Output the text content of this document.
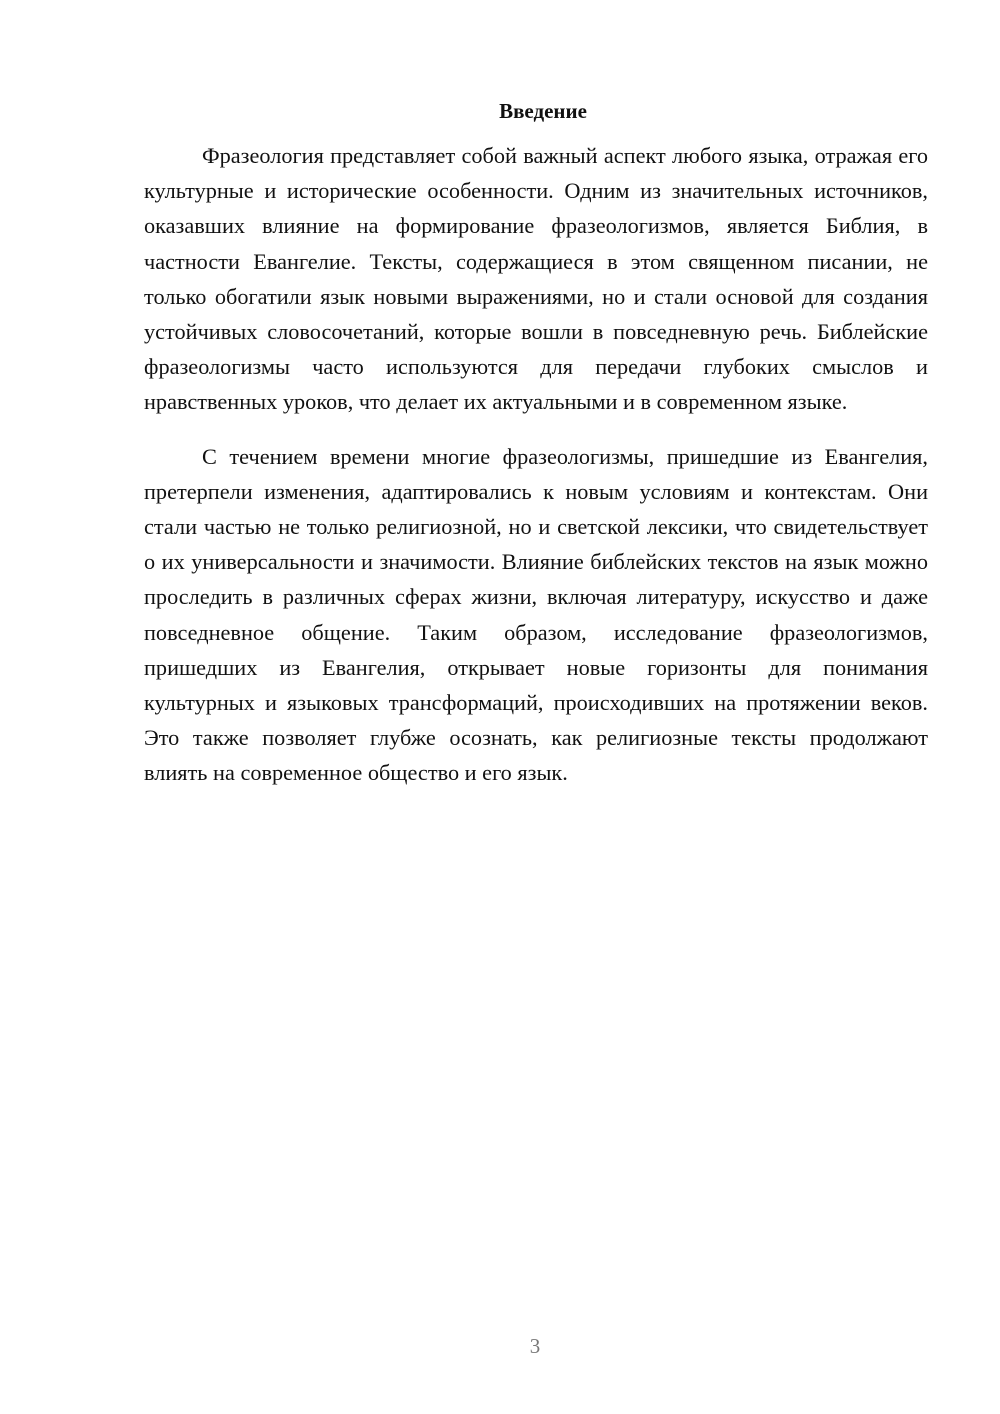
Введение

Фразеология представляет собой важный аспект любого языка, отражая его культурные и исторические особенности. Одним из значительных источников, оказавших влияние на формирование фразеологизмов, является Библия, в частности Евангелие. Тексты, содержащиеся в этом священном писании, не только обогатили язык новыми выражениями, но и стали основой для создания устойчивых словосочетаний, которые вошли в повседневную речь. Библейские фразеологизмы часто используются для передачи глубоких смыслов и нравственных уроков, что делает их актуальными и в современном языке.

С течением времени многие фразеологизмы, пришедшие из Евангелия, претерпели изменения, адаптировались к новым условиям и контекстам. Они стали частью не только религиозной, но и светской лексики, что свидетельствует о их универсальности и значимости. Влияние библейских текстов на язык можно проследить в различных сферах жизни, включая литературу, искусство и даже повседневное общение. Таким образом, исследование фразеологизмов, пришедших из Евангелия, открывает новые горизонты для понимания культурных и языковых трансформаций, происходивших на протяжении веков. Это также позволяет глубже осознать, как религиозные тексты продолжают влиять на современное общество и его язык.

3
